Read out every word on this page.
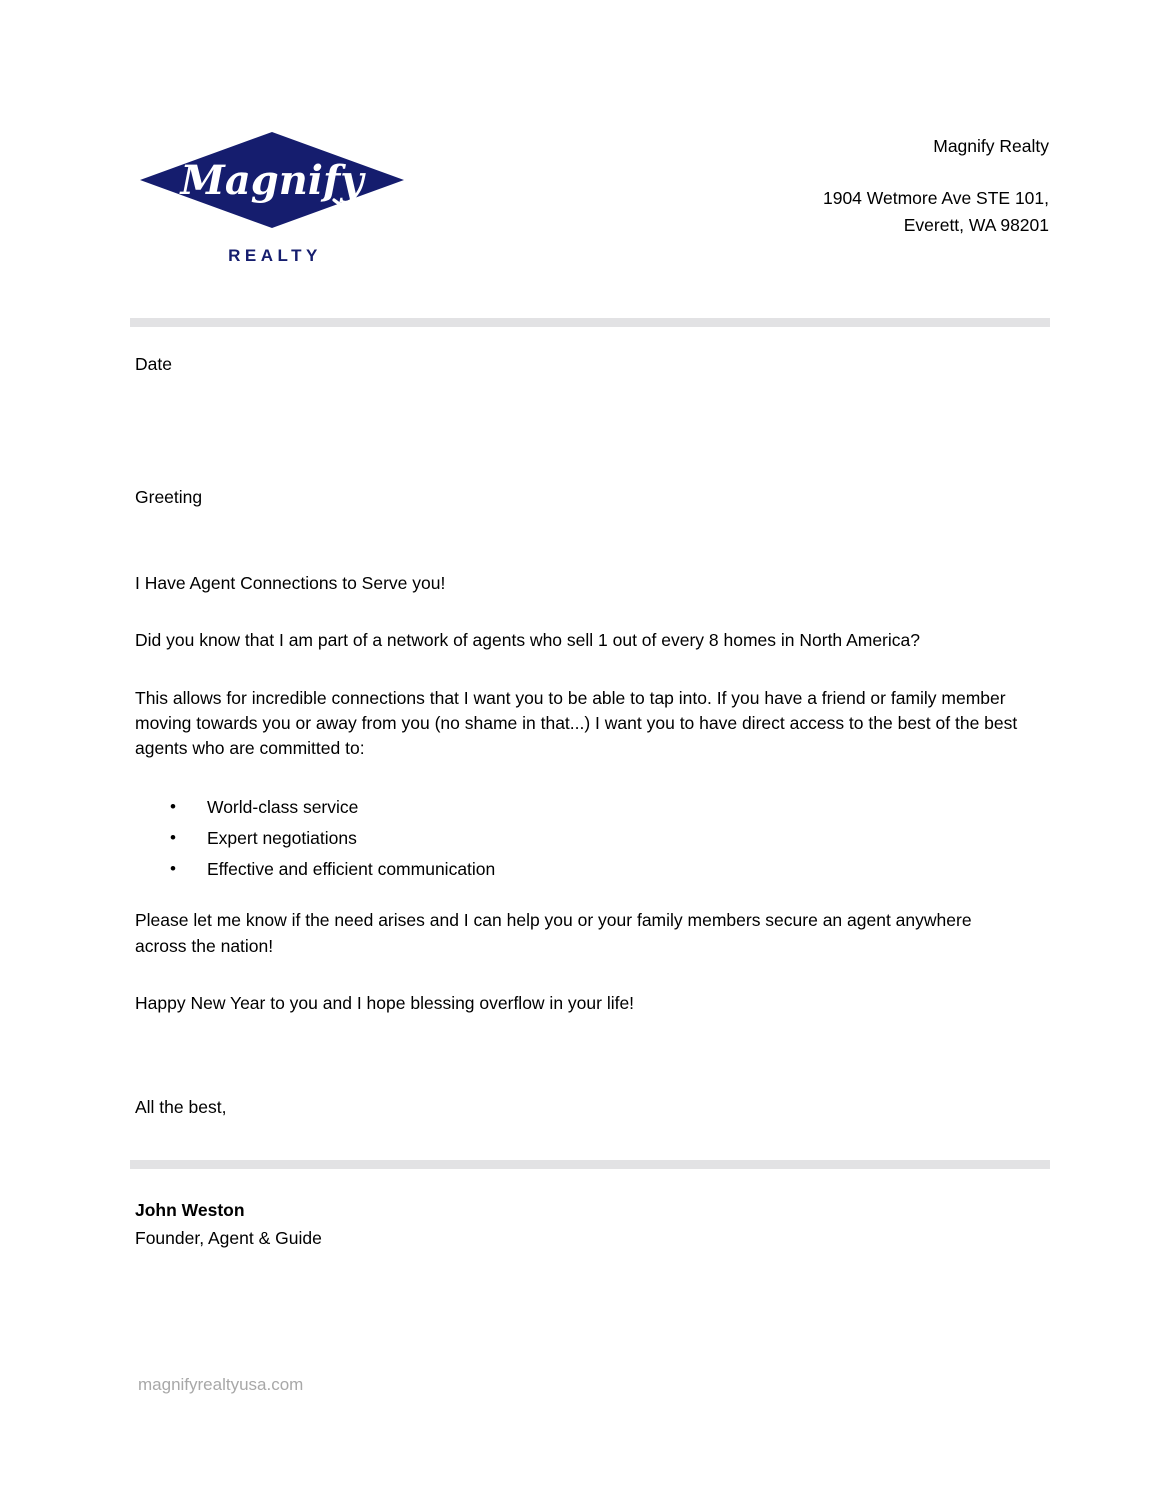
Magnify
REALTY
Magnify Realty
1904 Wetmore Ave STE 101,
Everett, WA 98201
Date
Greeting

I Have Agent Connections to Serve you!

Did you know that I am part of a network of agents who sell 1 out of every 8 homes in North America?

This allows for incredible connections that I want you to be able to tap into. If you have a friend or family member moving towards you or away from you (no shame in that...) I want you to have direct access to the best of the best agents who are committed to:

• World-class service
• Expert negotiations
• Effective and efficient communication

Please let me know if the need arises and I can help you or your family members secure an agent anywhere across the nation!

Happy New Year to you and I hope blessing overflow in your life!

All the best,
John Weston
Founder, Agent & Guide
magnifyrealtyusa.com
